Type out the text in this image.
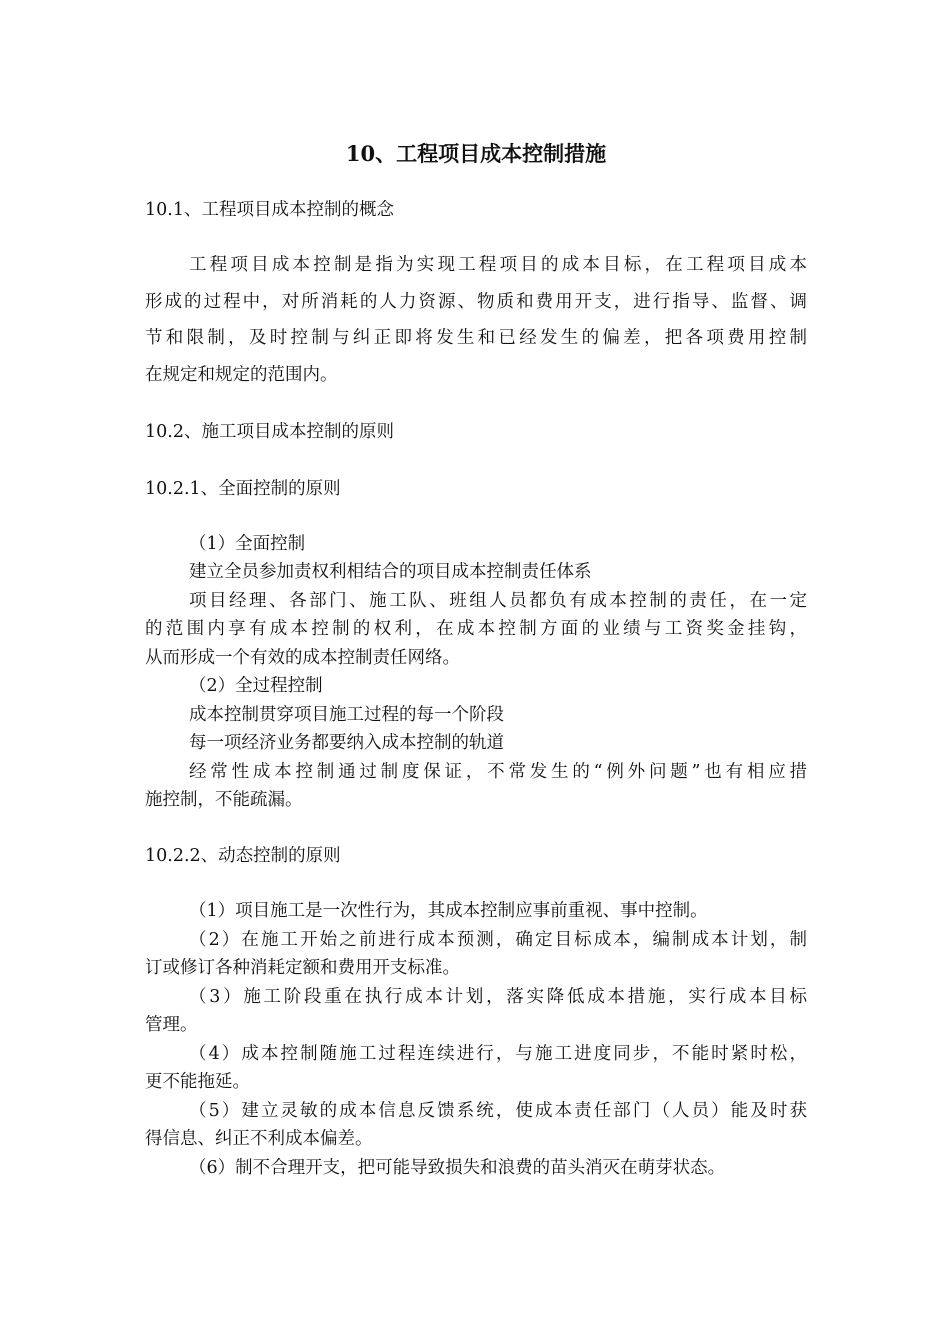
10、工程项目成本控制措施

10.1、工程项目成本控制的概念

工程项目成本控制是指为实现工程项目的成本目标，在工程项目成本

形成的过程中，对所消耗的人力资源、物质和费用开支，进行指导、监督、调

节和限制，及时控制与纠正即将发生和已经发生的偏差，把各项费用控制

在规定和规定的范围内。

10.2、施工项目成本控制的原则

10.2.1、全面控制的原则

（1）全面控制

建立全员参加责权利相结合的项目成本控制责任体系

项目经理、各部门、施工队、班组人员都负有成本控制的责任，在一定

的范围内享有成本控制的权利，在成本控制方面的业绩与工资奖金挂钩，

从而形成一个有效的成本控制责任网络。

（2）全过程控制

成本控制贯穿项目施工过程的每一个阶段

每一项经济业务都要纳入成本控制的轨道

经常性成本控制通过制度保证，不常发生的“例外问题”也有相应措

施控制，不能疏漏。

10.2.2、动态控制的原则

（1）项目施工是一次性行为，其成本控制应事前重视、事中控制。

（2）在施工开始之前进行成本预测，确定目标成本，编制成本计划，制

订或修订各种消耗定额和费用开支标准。

（3）施工阶段重在执行成本计划，落实降低成本措施，实行成本目标

管理。

（4）成本控制随施工过程连续进行，与施工进度同步，不能时紧时松，

更不能拖延。

（5）建立灵敏的成本信息反馈系统，使成本责任部门（人员）能及时获

得信息、纠正不利成本偏差。

（6）制不合理开支，把可能导致损失和浪费的苗头消灭在萌芽状态。
